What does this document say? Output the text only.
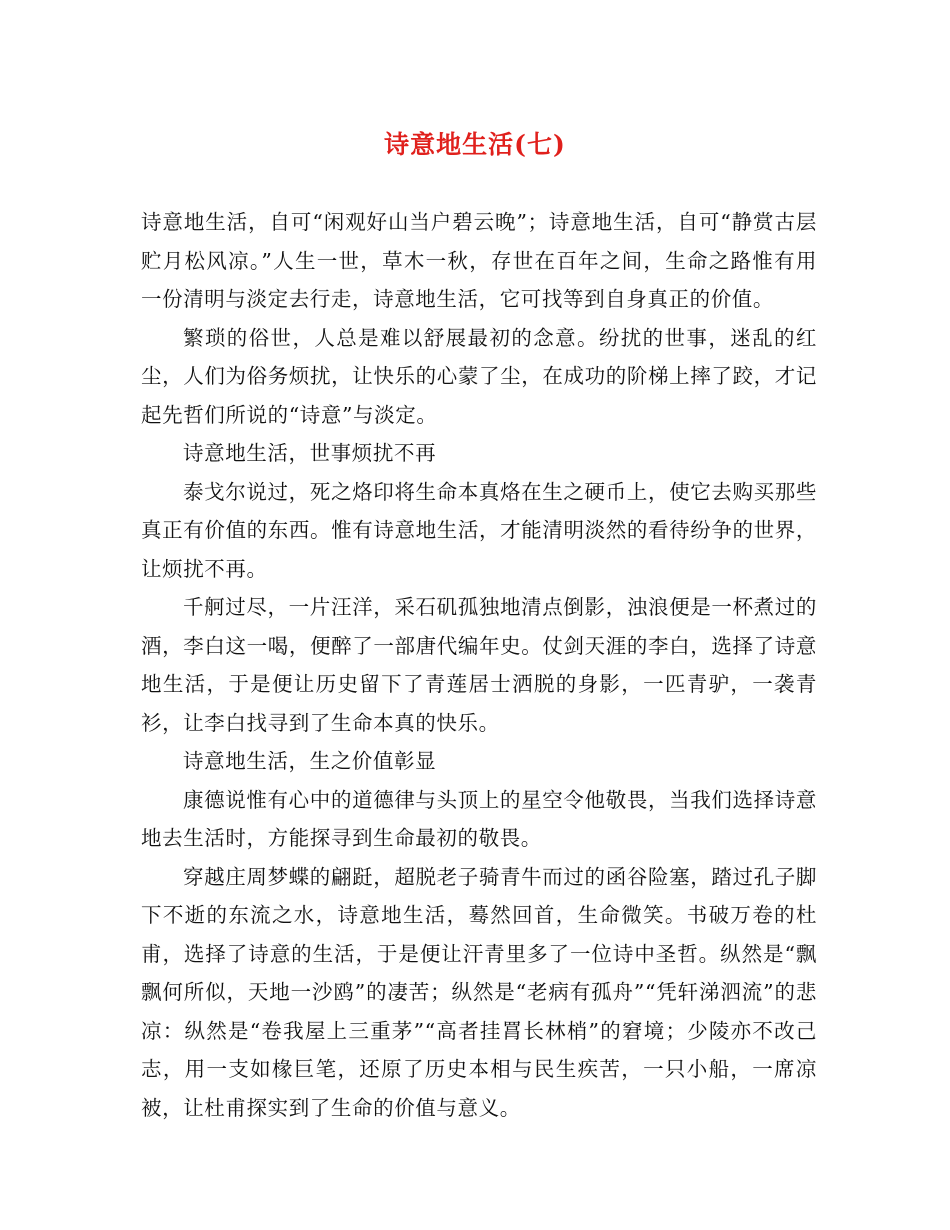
诗意地生活(七)

诗意地生活，自可“闲观好山当户碧云晚”；诗意地生活，自可“静赏古层贮月松风凉。”人生一世，草木一秋，存世在百年之间，生命之路惟有用一份清明与淡定去行走，诗意地生活，它可找等到自身真正的价值。

繁琐的俗世，人总是难以舒展最初的念意。纷扰的世事，迷乱的红尘，人们为俗务烦扰，让快乐的心蒙了尘，在成功的阶梯上摔了跤，才记起先哲们所说的“诗意”与淡定。

诗意地生活，世事烦扰不再

泰戈尔说过，死之烙印将生命本真烙在生之硬币上，使它去购买那些真正有价值的东西。惟有诗意地生活，才能清明淡然的看待纷争的世界，让烦扰不再。

千舸过尽，一片汪洋，采石矶孤独地清点倒影，浊浪便是一杯煮过的酒，李白这一喝，便醉了一部唐代编年史。仗剑天涯的李白，选择了诗意地生活，于是便让历史留下了青莲居士洒脱的身影，一匹青驴，一袭青衫，让李白找寻到了生命本真的快乐。

诗意地生活，生之价值彰显

康德说惟有心中的道德律与头顶上的星空令他敬畏，当我们选择诗意地去生活时，方能探寻到生命最初的敬畏。

穿越庄周梦蝶的翩跹，超脱老子骑青牛而过的函谷险塞，踏过孔子脚下不逝的东流之水，诗意地生活，蓦然回首，生命微笑。书破万卷的杜甫，选择了诗意的生活，于是便让汗青里多了一位诗中圣哲。纵然是“飘飘何所似，天地一沙鸥”的凄苦；纵然是“老病有孤舟”“凭轩涕泗流”的悲凉：纵然是“卷我屋上三重茅”“高者挂罥长林梢”的窘境；少陵亦不改己志，用一支如椽巨笔，还原了历史本相与民生疾苦，一只小船，一席凉被，让杜甫探实到了生命的价值与意义。
